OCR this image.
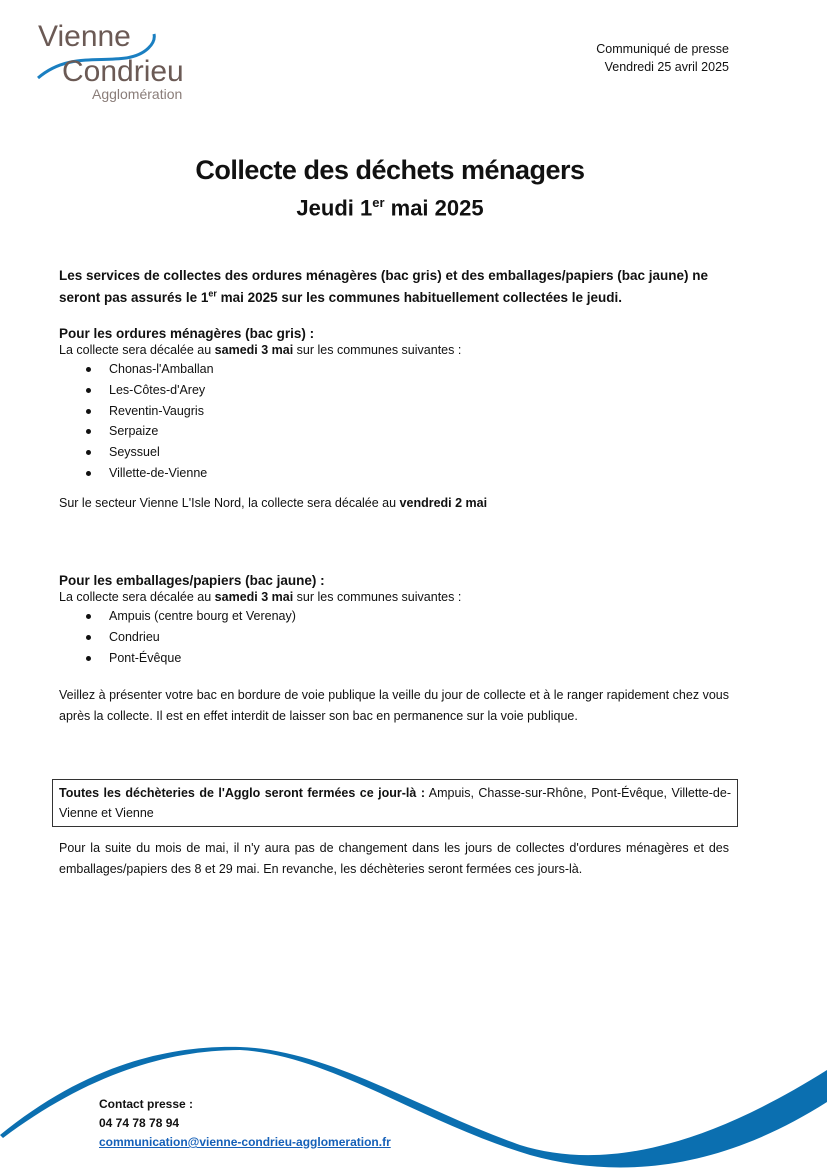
Vienne
Condrieu
Agglomération
Communiqué de presse
Vendredi 25 avril 2025
Collecte des déchets ménagers
Jeudi 1er mai 2025
Les services de collectes des ordures ménagères (bac gris) et des emballages/papiers (bac jaune) ne seront pas assurés le 1er mai 2025 sur les communes habituellement collectées le jeudi.
Pour les ordures ménagères (bac gris) :
La collecte sera décalée au samedi 3 mai sur les communes suivantes :
Chonas-l'Amballan
Les-Côtes-d'Arey
Reventin-Vaugris
Serpaize
Seyssuel
Villette-de-Vienne
Sur le secteur Vienne L'Isle Nord, la collecte sera décalée au vendredi 2 mai
Pour les emballages/papiers (bac jaune) :
La collecte sera décalée au samedi 3 mai sur les communes suivantes :
Ampuis (centre bourg et Verenay)
Condrieu
Pont-Évêque
Veillez à présenter votre bac en bordure de voie publique la veille du jour de collecte et à le ranger rapidement chez vous après la collecte. Il est en effet interdit de laisser son bac en permanence sur la voie publique.
Toutes les déchèteries de l'Agglo seront fermées ce jour-là : Ampuis, Chasse-sur-Rhône, Pont-Évêque, Villette-de-Vienne et Vienne
Pour la suite du mois de mai, il n'y aura pas de changement dans les jours de collectes d'ordures ménagères et des emballages/papiers des 8 et 29 mai. En revanche, les déchèteries seront fermées ces jours-là.
Contact presse :
04 74 78 78 94
communication@vienne-condrieu-agglomeration.fr
